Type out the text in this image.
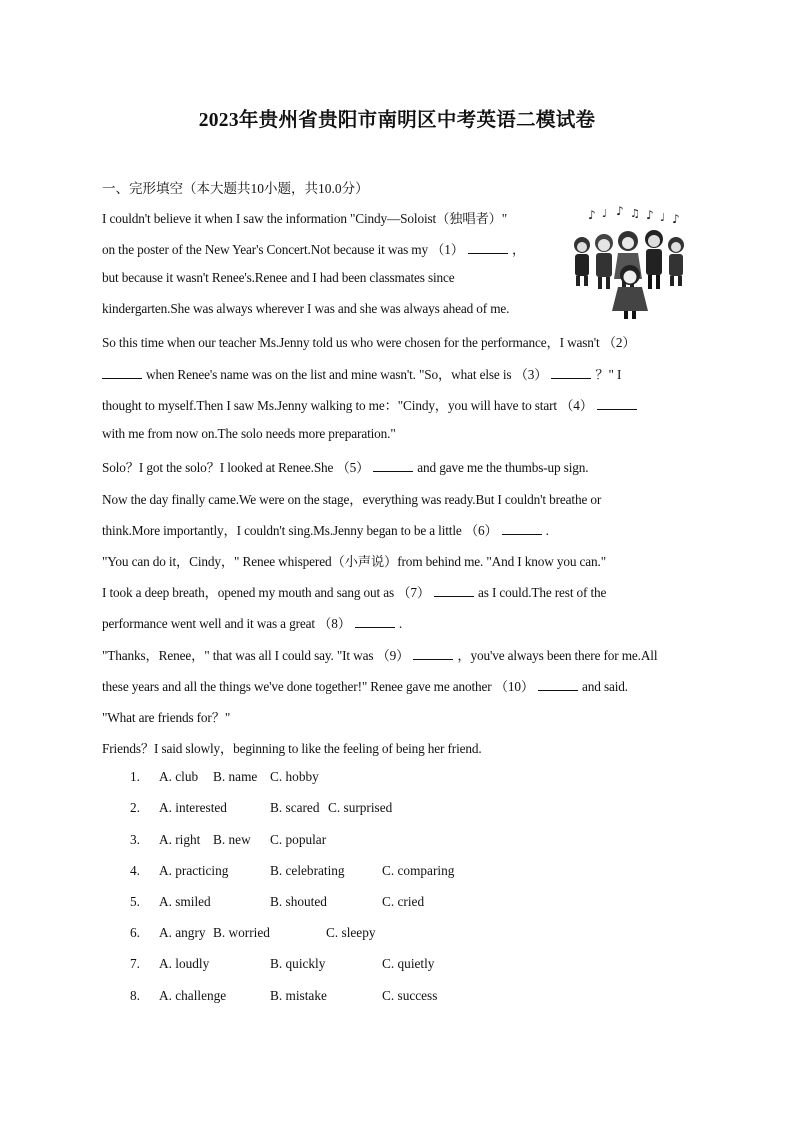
2023年贵州省贵阳市南明区中考英语二模试卷
一、完形填空（本大题共10小题，共10.0分）
♪ ♩ ♪ ♫ ♪ ♩ ♪
I couldn't believe it when I saw the information "Cindy—Soloist（独唱者）"
on the poster of the New Year's Concert.Not because it was my （1）	，
but because it wasn't Renee's.Renee and I had been classmates since
kindergarten.She was always wherever I was and she was always ahead of me.
So this time when our teacher Ms.Jenny told us who were chosen for the performance，I wasn't （2）
when Renee's name was on the list and mine wasn't. "So，what else is （3）	？" I
thought to myself.Then I saw Ms.Jenny walking to me："Cindy，you will have to start （4）
with me from now on.The solo needs more preparation."
Solo？I got the solo？I looked at Renee.She （5）	and gave me the thumbs-up sign.
Now the day finally came.We were on the stage，everything was ready.But I couldn't breathe or
think.More importantly，I couldn't sing.Ms.Jenny began to be a little （6）	.
"You can do it，Cindy，" Renee whispered（小声说）from behind me. "And I know you can."
I took a deep breath，opened my mouth and sang out as （7）	as I could.The rest of the
performance went well and it was a great （8）	.
"Thanks，Renee，" that was all I could say. "It was （9）	，you've always been there for me.All
these years and all the things we've done together!" Renee gave me another （10）	and said.
"What are friends for？"
Friends？I said slowly，beginning to like the feeling of being her friend.
1. A. club B. name C. hobby
2. A. interested	B. scared C. surprised
3. A. right B. new C. popular
4. A. practicing	B. celebrating	C. comparing
5. A. smiled	B. shouted	C. cried
6. A. angry B. worried	C. sleepy
7. A. loudly	B. quickly	C. quietly
8. A. challenge	B. mistake	C. success
